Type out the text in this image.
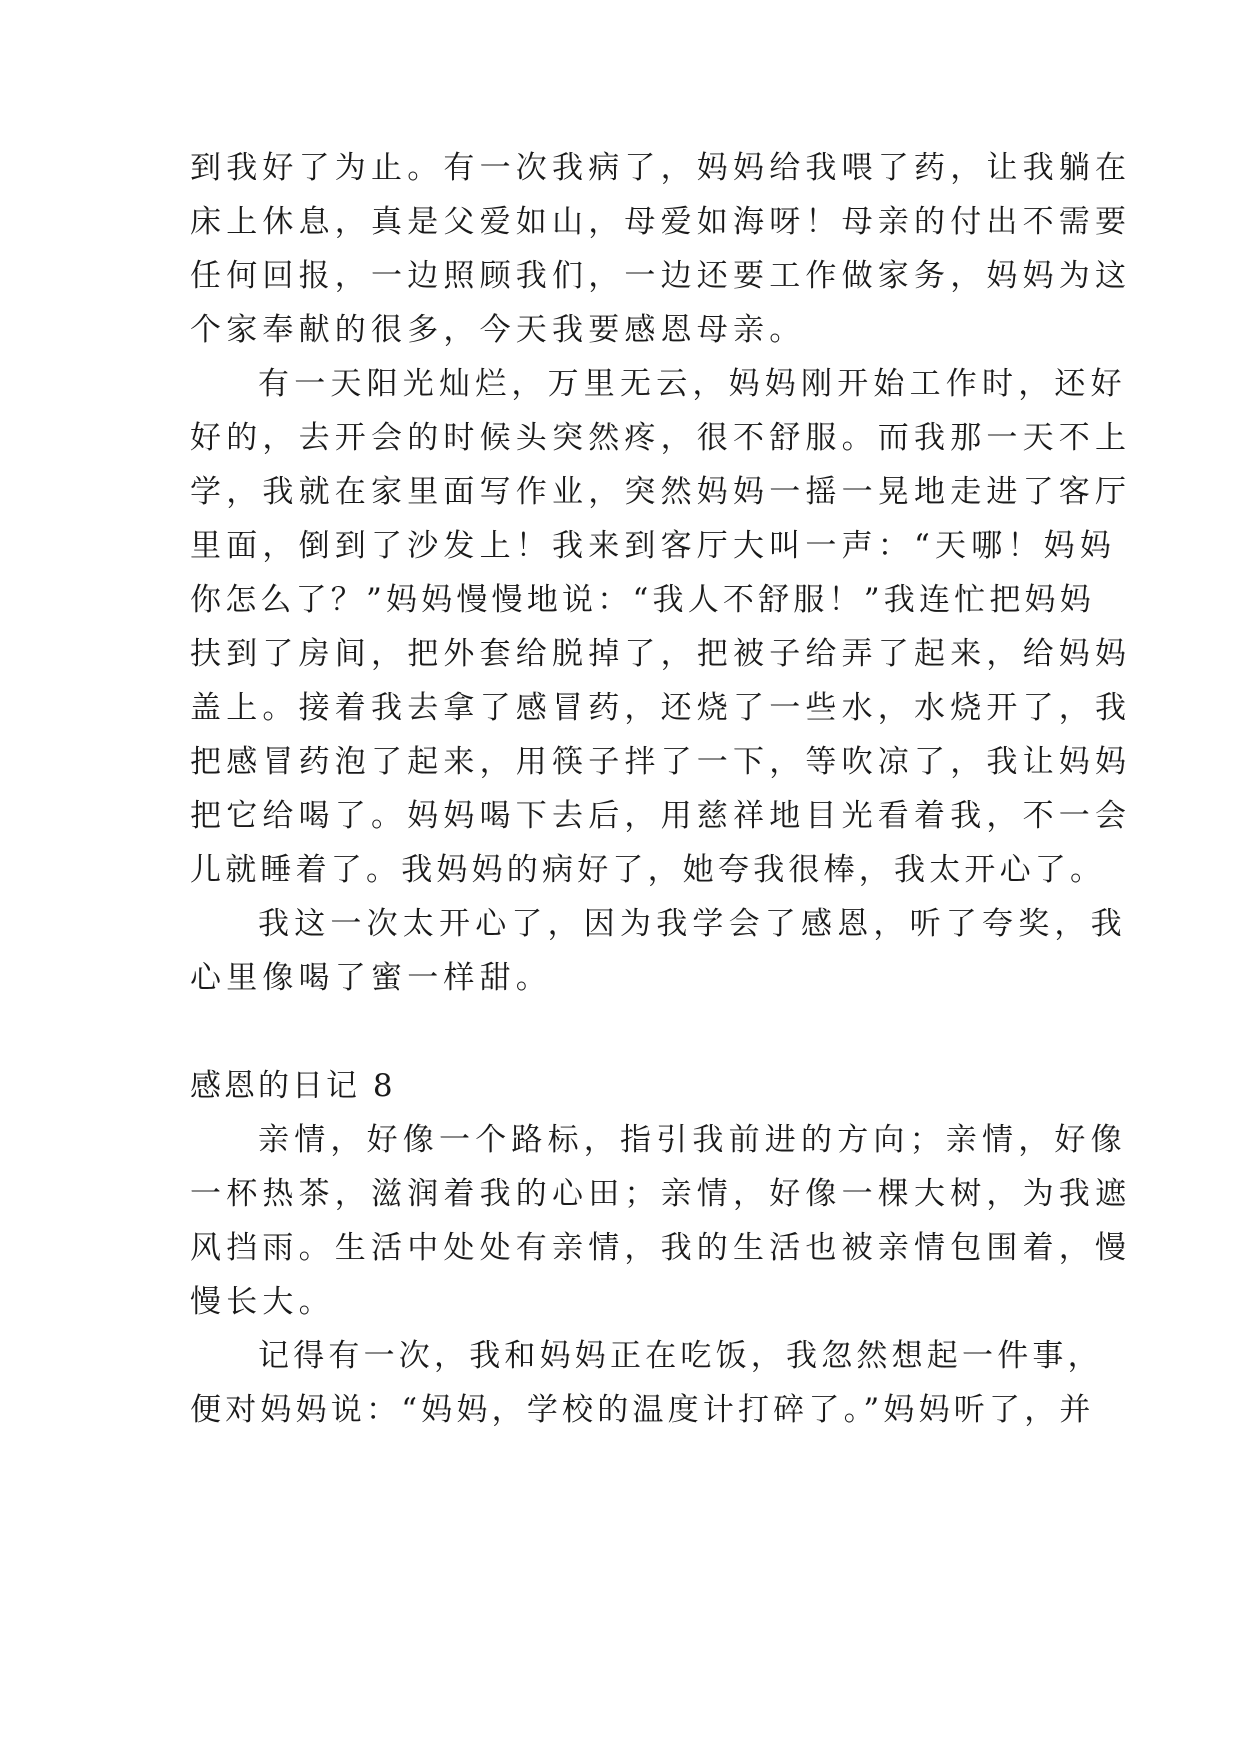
到我好了为止。有一次我病了，妈妈给我喂了药，让我躺在
床上休息，真是父爱如山，母爱如海呀！母亲的付出不需要
任何回报，一边照顾我们，一边还要工作做家务，妈妈为这
个家奉献的很多，今天我要感恩母亲。
有一天阳光灿烂，万里无云，妈妈刚开始工作时，还好
好的，去开会的时候头突然疼，很不舒服。而我那一天不上
学，我就在家里面写作业，突然妈妈一摇一晃地走进了客厅
里面，倒到了沙发上！我来到客厅大叫一声：“天哪！妈妈
你怎么了？”妈妈慢慢地说：“我人不舒服！”我连忙把妈妈
扶到了房间，把外套给脱掉了，把被子给弄了起来，给妈妈
盖上。接着我去拿了感冒药，还烧了一些水，水烧开了，我
把感冒药泡了起来，用筷子拌了一下，等吹凉了，我让妈妈
把它给喝了。妈妈喝下去后，用慈祥地目光看着我，不一会
儿就睡着了。我妈妈的病好了，她夸我很棒，我太开心了。
我这一次太开心了，因为我学会了感恩，听了夸奖，我
心里像喝了蜜一样甜。
感恩的日记 8
亲情，好像一个路标，指引我前进的方向；亲情，好像
一杯热茶，滋润着我的心田；亲情，好像一棵大树，为我遮
风挡雨。生活中处处有亲情，我的生活也被亲情包围着，慢
慢长大。
记得有一次，我和妈妈正在吃饭，我忽然想起一件事，
便对妈妈说：“妈妈，学校的温度计打碎了。”妈妈听了，并
